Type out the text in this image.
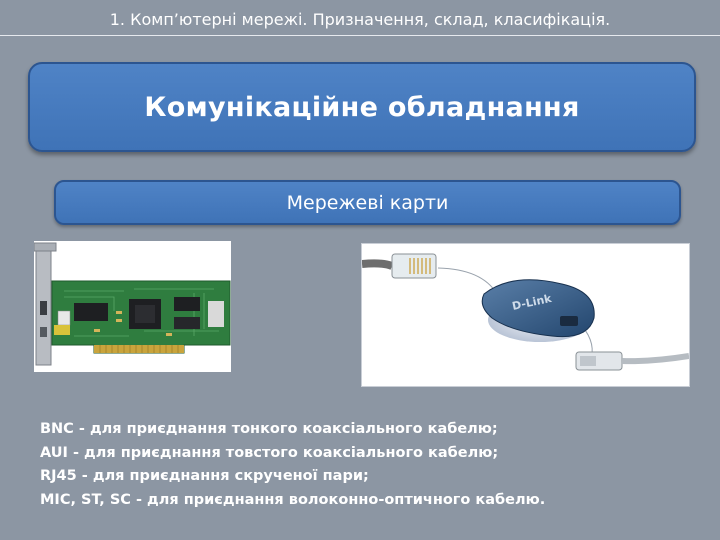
1. Комп’ютерні мережі. Призначення, склад, класифікація.
Комунікаційне обладнання
Мережеві карти
D-Link
BNC - для приєднання тонкого коаксіального кабелю;
AUI - для приєднання товстого коаксіального кабелю;
RJ45 - для приєднання скрученої пари;
MIC, ST, SC - для приєднання волоконно-оптичного кабелю.
